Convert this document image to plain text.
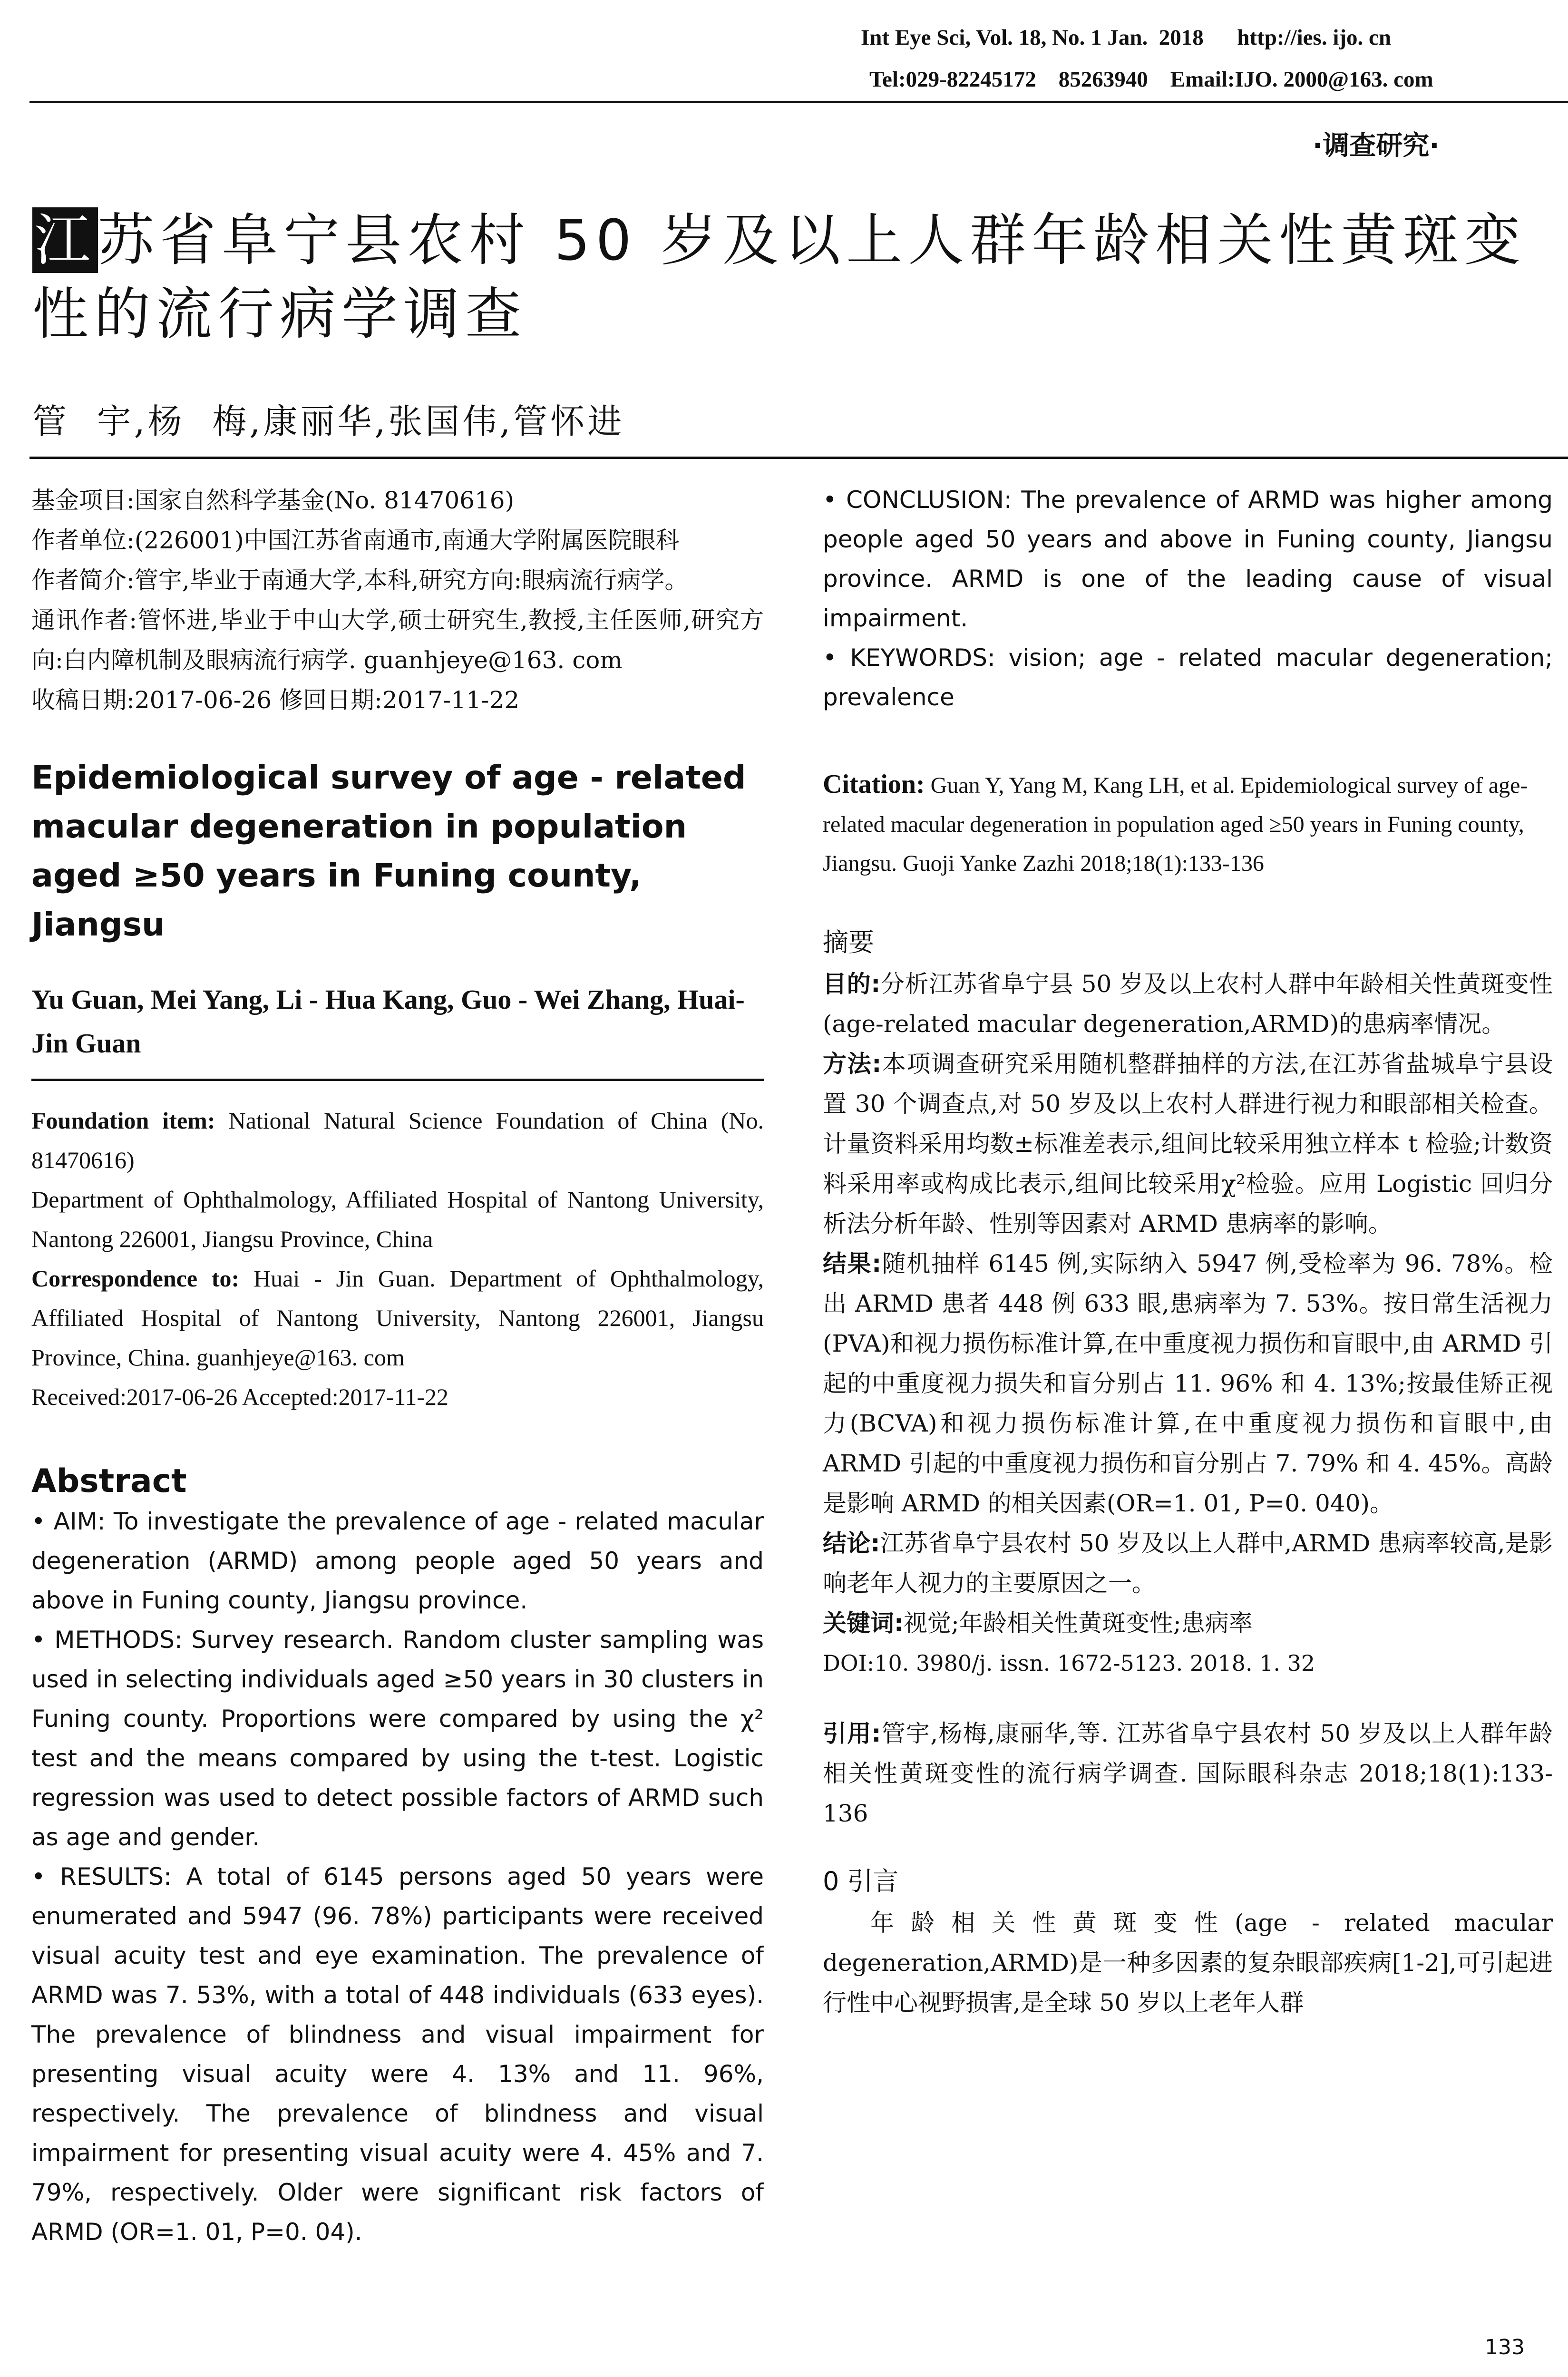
Int Eye Sci, Vol. 18, No. 1 Jan.  2018      http://ies. ijo. cn
Tel:029-82245172    85263940    Email:IJO. 2000@163. com
·调查研究·
江苏省阜宁县农村 50 岁及以上人群年龄相关性黄斑变
性的流行病学调查
管  宇,杨  梅,康丽华,张国伟,管怀进

基金项目:国家自然科学基金(No. 81470616)

作者单位:(226001)中国江苏省南通市,南通大学附属医院眼科

作者简介:管宇,毕业于南通大学,本科,研究方向:眼病流行病学。

通讯作者:管怀进,毕业于中山大学,硕士研究生,教授,主任医师,研究方向:白内障机制及眼病流行病学. guanhjeye@163. com

收稿日期:2017-06-26 修回日期:2017-11-22

Epidemiological survey of age - related macular degeneration in population aged ≥50 years in Funing county, Jiangsu

Yu Guan, Mei Yang, Li - Hua Kang, Guo - Wei Zhang, Huai-Jin Guan

Foundation item: National Natural Science Foundation of China (No. 81470616)

Department of Ophthalmology, Affiliated Hospital of Nantong University, Nantong 226001, Jiangsu Province, China

Correspondence to: Huai - Jin Guan. Department of Ophthalmology, Affiliated Hospital of Nantong University, Nantong 226001, Jiangsu Province, China. guanhjeye@163. com

Received:2017-06-26 Accepted:2017-11-22

Abstract

• AIM: To investigate the prevalence of age - related macular degeneration (ARMD) among people aged 50 years and above in Funing county, Jiangsu province.

• METHODS: Survey research. Random cluster sampling was used in selecting individuals aged ≥50 years in 30 clusters in Funing county. Proportions were compared by using the χ² test and the means compared by using the t-test. Logistic regression was used to detect possible factors of ARMD such as age and gender.

• RESULTS: A total of 6145 persons aged 50 years were enumerated and 5947 (96. 78%) participants were received visual acuity test and eye examination. The prevalence of ARMD was 7. 53%, with a total of 448 individuals (633 eyes). The prevalence of blindness and visual impairment for presenting visual acuity were 4. 13% and 11. 96%, respectively. The prevalence of blindness and visual impairment for presenting visual acuity were 4. 45% and 7. 79%, respectively. Older were significant risk factors of ARMD (OR=1. 01, P=0. 04).

• CONCLUSION: The prevalence of ARMD was higher among people aged 50 years and above in Funing county, Jiangsu province. ARMD is one of the leading cause of visual impairment.

• KEYWORDS: vision; age - related macular degeneration; prevalence

Citation: Guan Y, Yang M, Kang LH, et al. Epidemiological survey of age-related macular degeneration in population aged ≥50 years in Funing county, Jiangsu. Guoji Yanke Zazhi 2018;18(1):133-136

摘要

目的:分析江苏省阜宁县 50 岁及以上农村人群中年龄相关性黄斑变性(age-related macular degeneration,ARMD)的患病率情况。

方法:本项调查研究采用随机整群抽样的方法,在江苏省盐城阜宁县设置 30 个调查点,对 50 岁及以上农村人群进行视力和眼部相关检查。计量资料采用均数±标准差表示,组间比较采用独立样本 t 检验;计数资料采用率或构成比表示,组间比较采用χ²检验。应用 Logistic 回归分析法分析年龄、性别等因素对 ARMD 患病率的影响。

结果:随机抽样 6145 例,实际纳入 5947 例,受检率为 96. 78%。检出 ARMD 患者 448 例 633 眼,患病率为 7. 53%。按日常生活视力(PVA)和视力损伤标准计算,在中重度视力损伤和盲眼中,由 ARMD 引起的中重度视力损失和盲分别占 11. 96% 和 4. 13%;按最佳矫正视力(BCVA)和视力损伤标准计算,在中重度视力损伤和盲眼中,由 ARMD 引起的中重度视力损伤和盲分别占 7. 79% 和 4. 45%。高龄是影响 ARMD 的相关因素(OR=1. 01, P=0. 040)。

结论:江苏省阜宁县农村 50 岁及以上人群中,ARMD 患病率较高,是影响老年人视力的主要原因之一。

关键词:视觉;年龄相关性黄斑变性;患病率

DOI:10. 3980/j. issn. 1672-5123. 2018. 1. 32

引用:管宇,杨梅,康丽华,等. 江苏省阜宁县农村 50 岁及以上人群年龄相关性黄斑变性的流行病学调查. 国际眼科杂志 2018;18(1):133-136

0 引言

年龄相关性黄斑变性(age - related macular degeneration,ARMD)是一种多因素的复杂眼部疾病[1-2],可引起进行性中心视野损害,是全球 50 岁以上老年人群

133
